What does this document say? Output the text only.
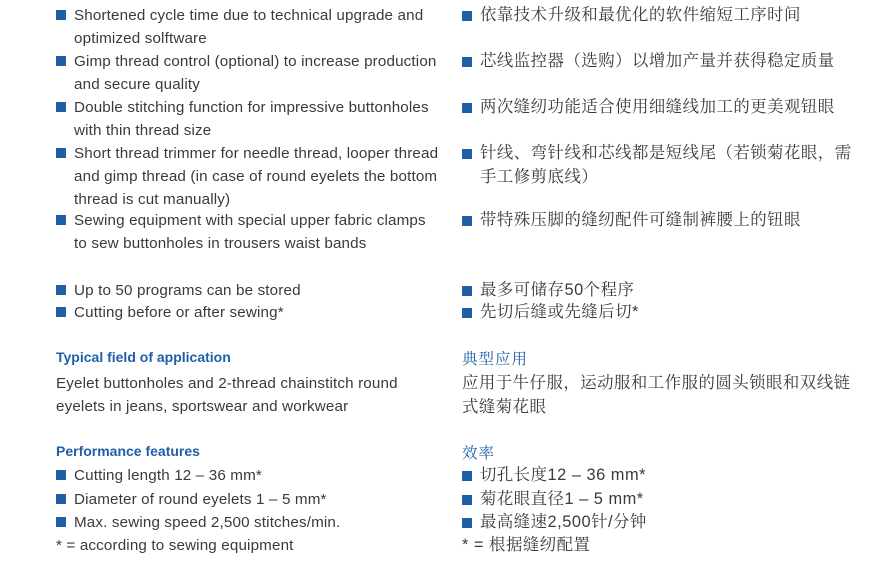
Shortened cycle time due to technical upgrade and optimized solftware
Gimp thread control (optional) to increase production and secure quality
Double stitching function for impressive buttonholes with thin thread size
Short thread trimmer for needle thread, looper thread and gimp thread (in case of round eyelets the bottom thread is cut manually)
Sewing equipment with special upper fabric clamps to sew buttonholes in trousers waist bands
Up to 50 programs can be stored
Cutting before or after sewing*
Typical field of application
Eyelet buttonholes and 2-thread chainstitch round eyelets in jeans, sportswear and workwear
Performance features
Cutting length 12 – 36 mm*
Diameter of round eyelets 1 – 5 mm*
Max. sewing speed 2,500 stitches/min.
* = according to sewing equipment
依靠技术升级和最优化的软件缩短工序时间
芯线监控器（选购）以增加产量并获得稳定质量
两次缝纫功能适合使用细缝线加工的更美观钮眼
针线、弯针线和芯线都是短线尾（若锁菊花眼，需手工修剪底线）
带特殊压脚的缝纫配件可缝制裤腰上的钮眼
最多可储存50个程序
先切后缝或先缝后切*
典型应用
应用于牛仔服，运动服和工作服的圆头锁眼和双线链式缝菊花眼
效率
切孔长度12 – 36 mm*
菊花眼直径1 – 5 mm*
最高缝速2,500针/分钟
* = 根据缝纫配置
